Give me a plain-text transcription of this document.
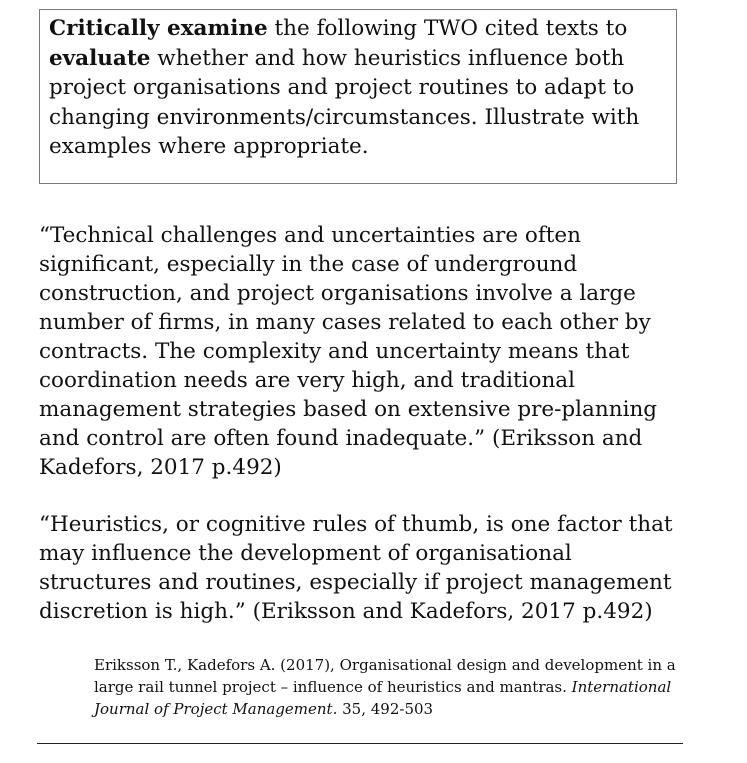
Critically examine the following TWO cited texts to evaluate whether and how heuristics influence both project organisations and project routines to adapt to changing environments/circumstances. Illustrate with examples where appropriate.

“Technical challenges and uncertainties are often significant, especially in the case of underground construction, and project organisations involve a large number of firms, in many cases related to each other by contracts. The complexity and uncertainty means that coordination needs are very high, and traditional management strategies based on extensive pre-planning and control are often found inadequate.” (Eriksson and Kadefors, 2017 p.492)

“Heuristics, or cognitive rules of thumb, is one factor that may influence the development of organisational structures and routines, especially if project management discretion is high.” (Eriksson and Kadefors, 2017 p.492)

Eriksson T., Kadefors A. (2017), Organisational design and development in a large rail tunnel project – influence of heuristics and mantras. International Journal of Project Management. 35, 492-503
